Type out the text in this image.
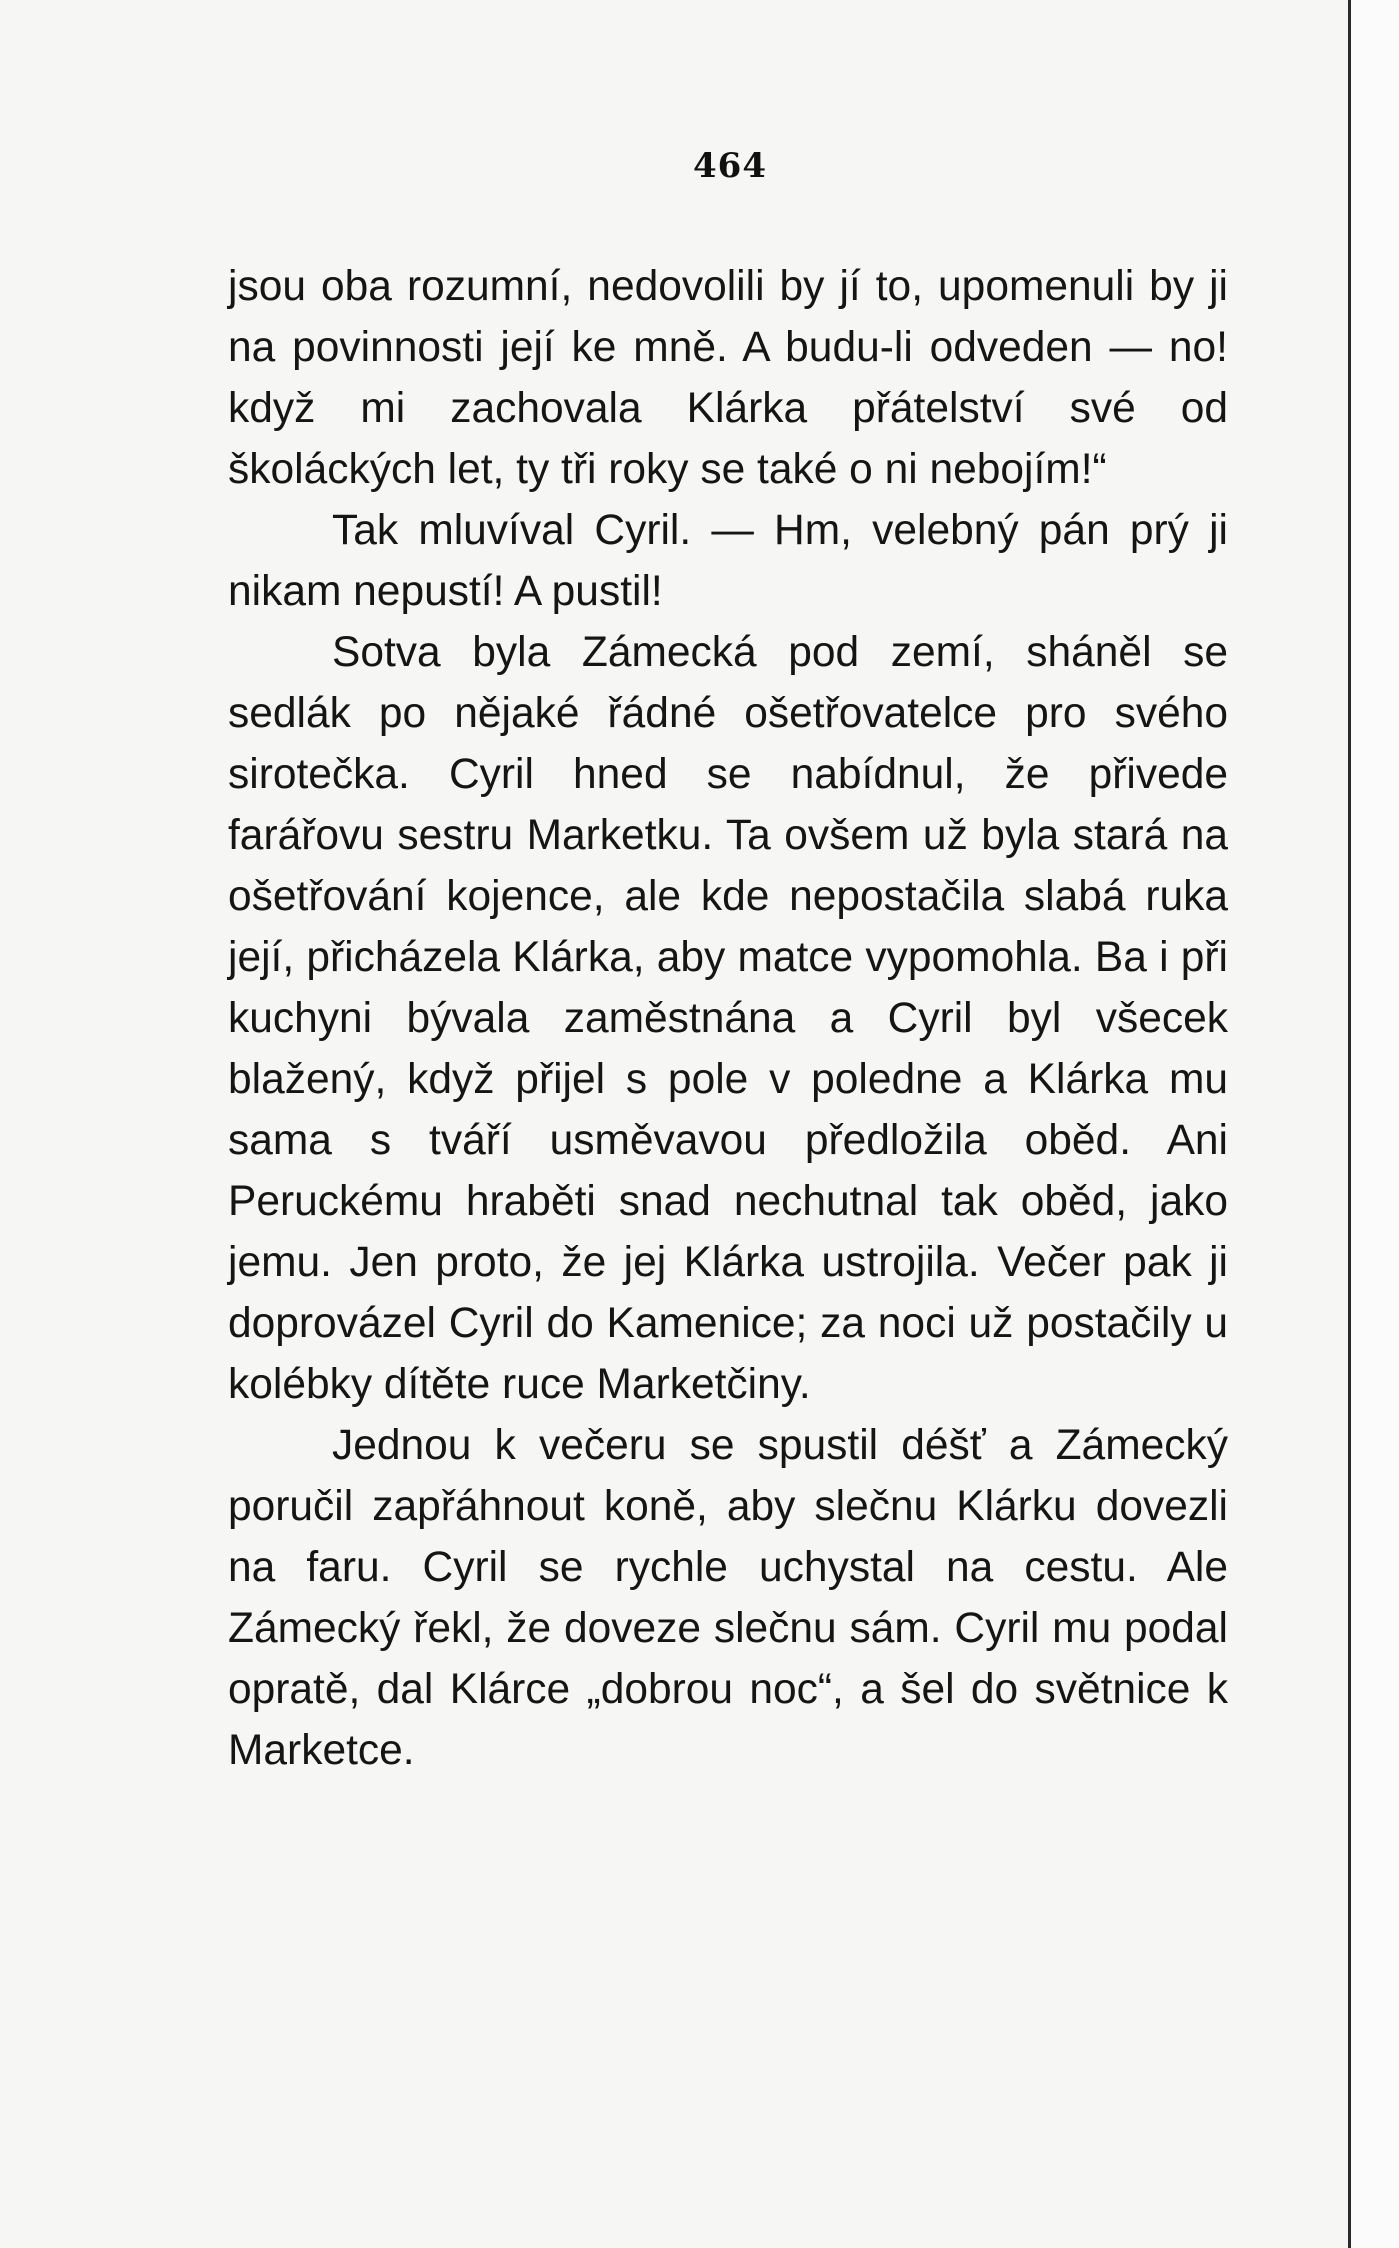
464

jsou oba rozumní, nedovolili by jí to, upomenuli by ji na povinnosti její ke mně. A budu-li odveden — no! když mi zachovala Klárka přátelství své od školáckých let, ty tři roky se také o ni nebojím!“

Tak mluvíval Cyril. — Hm, velebný pán prý ji nikam nepustí! A pustil!

Sotva byla Zámecká pod zemí, sháněl se sedlák po nějaké řádné ošetřovatelce pro svého sirotečka. Cyril hned se nabídnul, že přivede farářovu sestru Marketku. Ta ovšem už byla stará na ošetřování kojence, ale kde nepostačila slabá ruka její, přicházela Klárka, aby matce vypomohla. Ba i při kuchyni bývala zaměstnána a Cyril byl všecek blažený, když přijel s pole v poledne a Klárka mu sama s tváří usměvavou předložila oběd. Ani Peruckému hraběti snad nechutnal tak oběd, jako jemu. Jen proto, že jej Klárka ustrojila. Večer pak ji doprovázel Cyril do Kamenice; za noci už postačily u kolébky dítěte ruce Marketčiny.

Jednou k večeru se spustil déšť a Zámecký poručil zapřáhnout koně, aby slečnu Klárku dovezli na faru. Cyril se rychle uchystal na cestu. Ale Zámecký řekl, že doveze slečnu sám. Cyril mu podal opratě, dal Klárce „dobrou noc“, a šel do světnice k Marketce.
